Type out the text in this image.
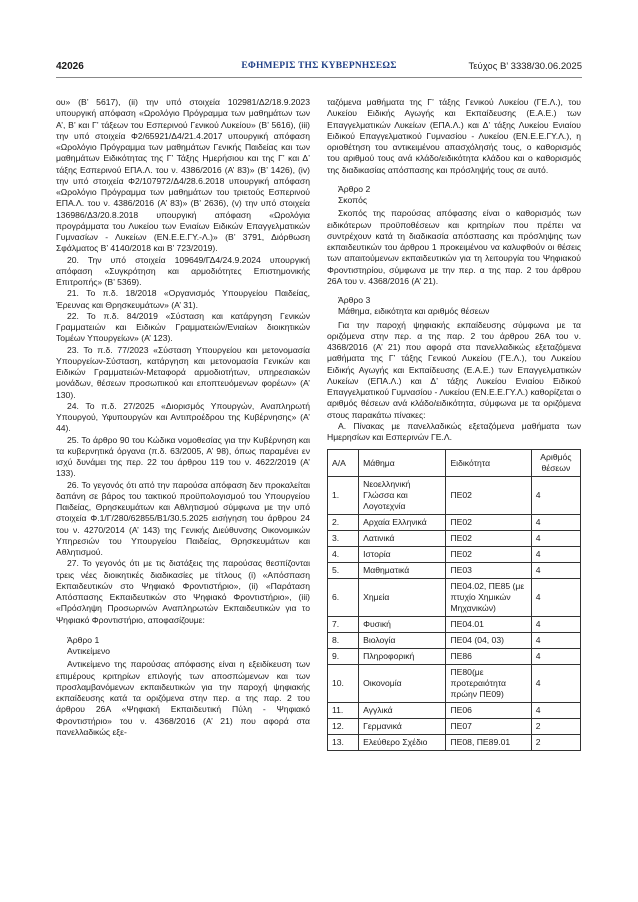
42026	ΕΦΗΜΕΡΙΣ ΤΗΣ ΚΥΒΕΡΝΗΣΕΩΣ	Τεύχος B’ 3338/30.06.2025

ου» (Β’ 5617), (ii) την υπό στοιχεία 102981/Δ2/18.9.2023 υπουργική απόφαση «Ωρολόγιο Πρόγραμμα των μαθημάτων των Α’, Β’ και Γ’ τάξεων του Εσπερινού Γενικού Λυκείου» (Β’ 5616), (iii) την υπό στοιχεία Φ2/65921/Δ4/21.4.2017 υπουργική απόφαση «Ωρολόγιο Πρόγραμμα των μαθημάτων Γενικής Παιδείας και των μαθημάτων Ειδικότητας της Γ’ Τάξης Ημερήσιου και της Γ’ και Δ’ τάξης Εσπερινού ΕΠΑ.Λ. του ν. 4386/2016 (Α’ 83)» (Β’ 1426), (iv) την υπό στοιχεία Φ2/107972/Δ4/28.6.2018 υπουργική απόφαση «Ωρολόγιο Πρόγραμμα των μαθημάτων του τριετούς Εσπερινού ΕΠΑ.Λ. του ν. 4386/2016 (Α’ 83)» (Β’ 2636), (v) την υπό στοιχεία 136986/Δ3/20.8.2018 υπουργική απόφαση «Ωρολόγια προγράμματα του Λυκείου των Ενιαίων Ειδικών Επαγγελματικών Γυμνασίων - Λυκείων (ΕΝ.Ε.Ε.ΓΥ.-Λ.)» (Β’ 3791, Διόρθωση Σφάλματος Β’ 4140/2018 και Β’ 723/2019).

20. Την υπό στοιχεία 109649/ΓΔ4/24.9.2024 υπουργική απόφαση «Συγκρότηση και αρμοδιότητες Επιστημονικής Επιτροπής» (Β’ 5369).

21. Το π.δ. 18/2018 «Οργανισμός Υπουργείου Παιδείας, Έρευνας και Θρησκευμάτων» (Α’ 31).

22. Το π.δ. 84/2019 «Σύσταση και κατάργηση Γενικών Γραμματειών και Ειδικών Γραμματειών/Ενιαίων διοικητικών Τομέων Υπουργείων» (Α’ 123).

23. Το π.δ. 77/2023 «Σύσταση Υπουργείου και μετονομασία Υπουργείων-Σύσταση, κατάργηση και μετονομασία Γενικών και Ειδικών Γραμματειών-Μεταφορά αρμοδιοτήτων, υπηρεσιακών μονάδων, θέσεων προσωπικού και εποπτευόμενων φορέων» (Α’ 130).

24. Το π.δ. 27/2025 «Διορισμός Υπουργών, Αναπληρωτή Υπουργού, Υφυπουργών και Αντιπροέδρου της Κυβέρνησης» (Α’ 44).

25. Το άρθρο 90 του Κώδικα νομοθεσίας για την Κυβέρνηση και τα κυβερνητικά όργανα (π.δ. 63/2005, Α’ 98), όπως παραμένει εν ισχύ δυνάμει της περ. 22 του άρθρου 119 του ν. 4622/2019 (Α’ 133).

26. Το γεγονός ότι από την παρούσα απόφαση δεν προκαλείται δαπάνη σε βάρος του τακτικού προϋπολογισμού του Υπουργείου Παιδείας, Θρησκευμάτων και Αθλητισμού σύμφωνα με την υπό στοιχεία Φ.1/Γ/280/62855/Β1/30.5.2025 εισήγηση του άρθρου 24 του ν. 4270/2014 (Α’ 143) της Γενικής Διεύθυνσης Οικονομικών Υπηρεσιών του Υπουργείου Παιδείας, Θρησκευμάτων και Αθλητισμού.

27. Το γεγονός ότι με τις διατάξεις της παρούσας θεσπίζονται τρεις νέες διοικητικές διαδικασίες με τίτλους (i) «Απόσπαση Εκπαιδευτικών στο Ψηφιακό Φροντιστήριο», (ii) «Παράταση Απόσπασης Εκπαιδευτικών στο Ψηφιακό Φροντιστήριο», (iii) «Πρόσληψη Προσωρινών Αναπληρωτών Εκπαιδευτικών για το Ψηφιακό Φροντιστήριο, αποφασίζουμε:

Άρθρο 1

Αντικείμενο

Αντικείμενο της παρούσας απόφασης είναι η εξειδίκευση των επιμέρους κριτηρίων επιλογής των αποσπώμενων και των προσλαμβανόμενων εκπαιδευτικών για την παροχή ψηφιακής εκπαίδευσης κατά τα οριζόμενα στην περ. α της παρ. 2 του άρθρου 26Α «Ψηφιακή Εκπαιδευτική Πύλη - Ψηφιακό Φροντιστήριο» του ν. 4368/2016 (Α’ 21) που αφορά στα πανελλαδικώς εξε-

ταζόμενα μαθήματα της Γ’ τάξης Γενικού Λυκείου (ΓΕ.Λ.), του Λυκείου Ειδικής Αγωγής και Εκπαίδευσης (Ε.Α.Ε.) των Επαγγελματικών Λυκείων (ΕΠΑ.Λ.) και Δ’ τάξης Λυκείου Ενιαίου Ειδικού Επαγγελματικού Γυμνασίου - Λυκείου (ΕΝ.Ε.Ε.ΓΥ.Λ.), η οριοθέτηση του αντικειμένου απασχόλησής τους, ο καθορισμός του αριθμού τους ανά κλάδο/ειδικότητα κλάδου και ο καθορισμός της διαδικασίας απόσπασης και πρόσληψής τους σε αυτό.

Άρθρο 2

Σκοπός

Σκοπός της παρούσας απόφασης είναι ο καθορισμός των ειδικότερων προϋποθέσεων και κριτηρίων που πρέπει να συντρέχουν κατά τη διαδικασία απόσπασης και πρόσληψης των εκπαιδευτικών του άρθρου 1 προκειμένου να καλυφθούν οι θέσεις των απαιτούμενων εκπαιδευτικών για τη λειτουργία του Ψηφιακού Φροντιστηρίου, σύμφωνα με την περ. α της παρ. 2 του άρθρου 26Α του ν. 4368/2016 (Α’ 21).

Άρθρο 3

Μάθημα, ειδικότητα και αριθμός θέσεων

Για την παροχή ψηφιακής εκπαίδευσης σύμφωνα με τα οριζόμενα στην περ. α της παρ. 2 του άρθρου 26Α του ν. 4368/2016 (Α’ 21) που αφορά στα πανελλαδικώς εξεταζόμενα μαθήματα της Γ’ τάξης Γενικού Λυκείου (ΓΕ.Λ.), του Λυκείου Ειδικής Αγωγής και Εκπαίδευσης (Ε.Α.Ε.) των Επαγγελματικών Λυκείων (ΕΠΑ.Λ.) και Δ’ τάξης Λυκείου Ενιαίου Ειδικού Επαγγελματικού Γυμνασίου - Λυκείου (ΕΝ.Ε.Ε.ΓΥ.Λ.) καθορίζεται ο αριθμός θέσεων ανά κλάδο/ειδικότητα, σύμφωνα με τα οριζόμενα στους παρακάτω πίνακες:

Α. Πίνακας με πανελλαδικώς εξεταζόμενα μαθήματα των Ημερησίων και Εσπερινών ΓΕ.Λ.

Α/Α	Μάθημα	Ειδικότητα	Αριθμός θέσεων
1.	Νεοελληνική Γλώσσα και Λογοτεχνία	ΠΕ02	4
2.	Αρχαία Ελληνικά	ΠΕ02	4
3.	Λατινικά	ΠΕ02	4
4.	Ιστορία	ΠΕ02	4
5.	Μαθηματικά	ΠΕ03	4
6.	Χημεία	ΠΕ04.02, ΠΕ85 (με πτυχίο Χημικών Μηχανικών)	4
7.	Φυσική	ΠΕ04.01	4
8.	Βιολογία	ΠΕ04 (04, 03)	4
9.	Πληροφορική	ΠΕ86	4
10.	Οικονομία	ΠΕ80(με προτεραιότητα πρώην ΠΕ09)	4
11.	Αγγλικά	ΠΕ06	4
12.	Γερμανικά	ΠΕ07	2
13.	Ελεύθερο Σχέδιο	ΠΕ08, ΠΕ89.01	2
